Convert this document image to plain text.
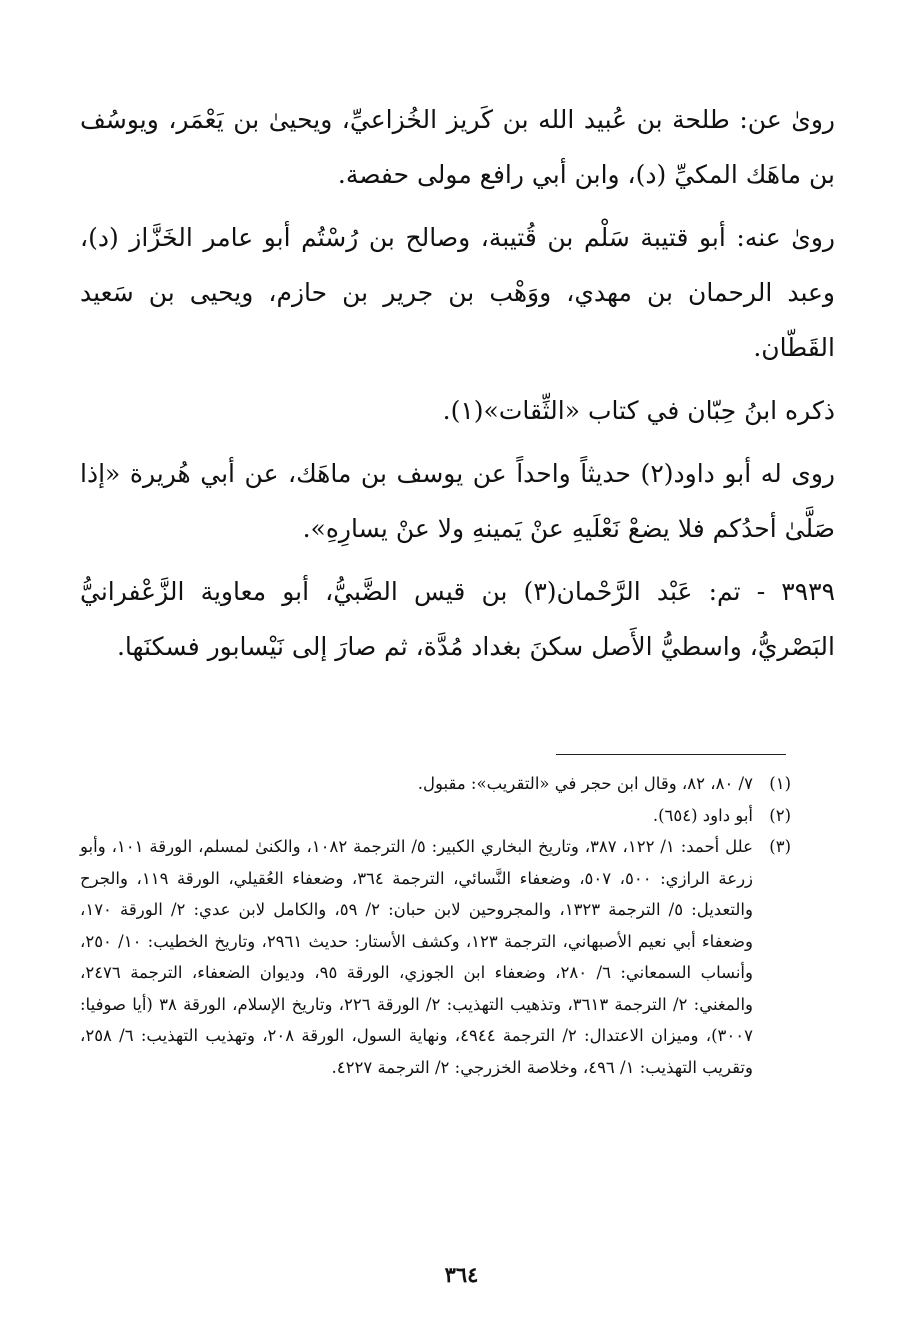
رویٰ عن: طلحة بن عُبيد الله بن كَريز الخُزاعيِّ، ويحيىٰ بن يَعْمَر، ويوسُف بن ماهَك المكيِّ (د)، وابن أبي رافع مولى حفصة.

رویٰ عنه: أبو قتيبة سَلْم بن قُتيبة، وصالح بن رُسْتُم أبو عامر الخَزَّاز (د)، وعبد الرحمان بن مهدي، ووَهْب بن جرير بن حازم، ويحيى بن سَعيد القَطّان.

ذكره ابنُ حِبّان في كتاب «الثِّقات»(١).

روى له أبو داود(٢) حديثاً واحداً عن يوسف بن ماهَك، عن أبي هُريرة «إذا صَلَّىٰ أحدُكم فلا يضعْ نَعْلَيهِ عنْ يَمينهِ ولا عنْ يسارِهِ».

٣٩٣٩ - تم: عَبْد الرَّحْمان(٣) بن قيس الضَّبيُّ، أبو معاوية الزَّعْفرانيُّ البَصْريُّ، واسطيُّ الأَصل سكنَ بغداد مُدَّة، ثم صارَ إلى نَيْسابور فسكنَها.

(١)
٧/ ٨٠، ٨٢، وقال ابن حجر في «التقريب»: مقبول.
(٢)
أبو داود (٦٥٤).
(٣)
علل أحمد: ١/ ١٢٢، ٣٨٧، وتاريخ البخاري الكبير: ٥/ الترجمة ١٠٨٢، والكنىٰ لمسلم، الورقة ١٠١، وأبو زرعة الرازي: ٥٠٠، ٥٠٧، وضعفاء النَّسائي، الترجمة ٣٦٤، وضعفاء العُقيلي، الورقة ١١٩، والجرح والتعديل: ٥/ الترجمة ١٣٢٣، والمجروحين لابن حبان: ٢/ ٥٩، والكامل لابن عدي: ٢/ الورقة ١٧٠، وضعفاء أبي نعيم الأصبهاني، الترجمة ١٢٣، وكشف الأستار: حديث ٢٩٦١، وتاريخ الخطيب: ١٠/ ٢٥٠، وأنساب السمعاني: ٦/ ٢٨٠، وضعفاء ابن الجوزي، الورقة ٩٥، وديوان الضعفاء، الترجمة ٢٤٧٦، والمغني: ٢/ الترجمة ٣٦١٣، وتذهيب التهذيب: ٢/ الورقة ٢٢٦، وتاريخ الإسلام، الورقة ٣٨ (أيا صوفيا: ٣٠٠٧)، وميزان الاعتدال: ٢/ الترجمة ٤٩٤٤، ونهاية السول، الورقة ٢٠٨، وتهذيب التهذيب: ٦/ ٢٥٨، وتقريب التهذيب: ١/ ٤٩٦، وخلاصة الخزرجي: ٢/ الترجمة ٤٢٢٧.
٣٦٤
